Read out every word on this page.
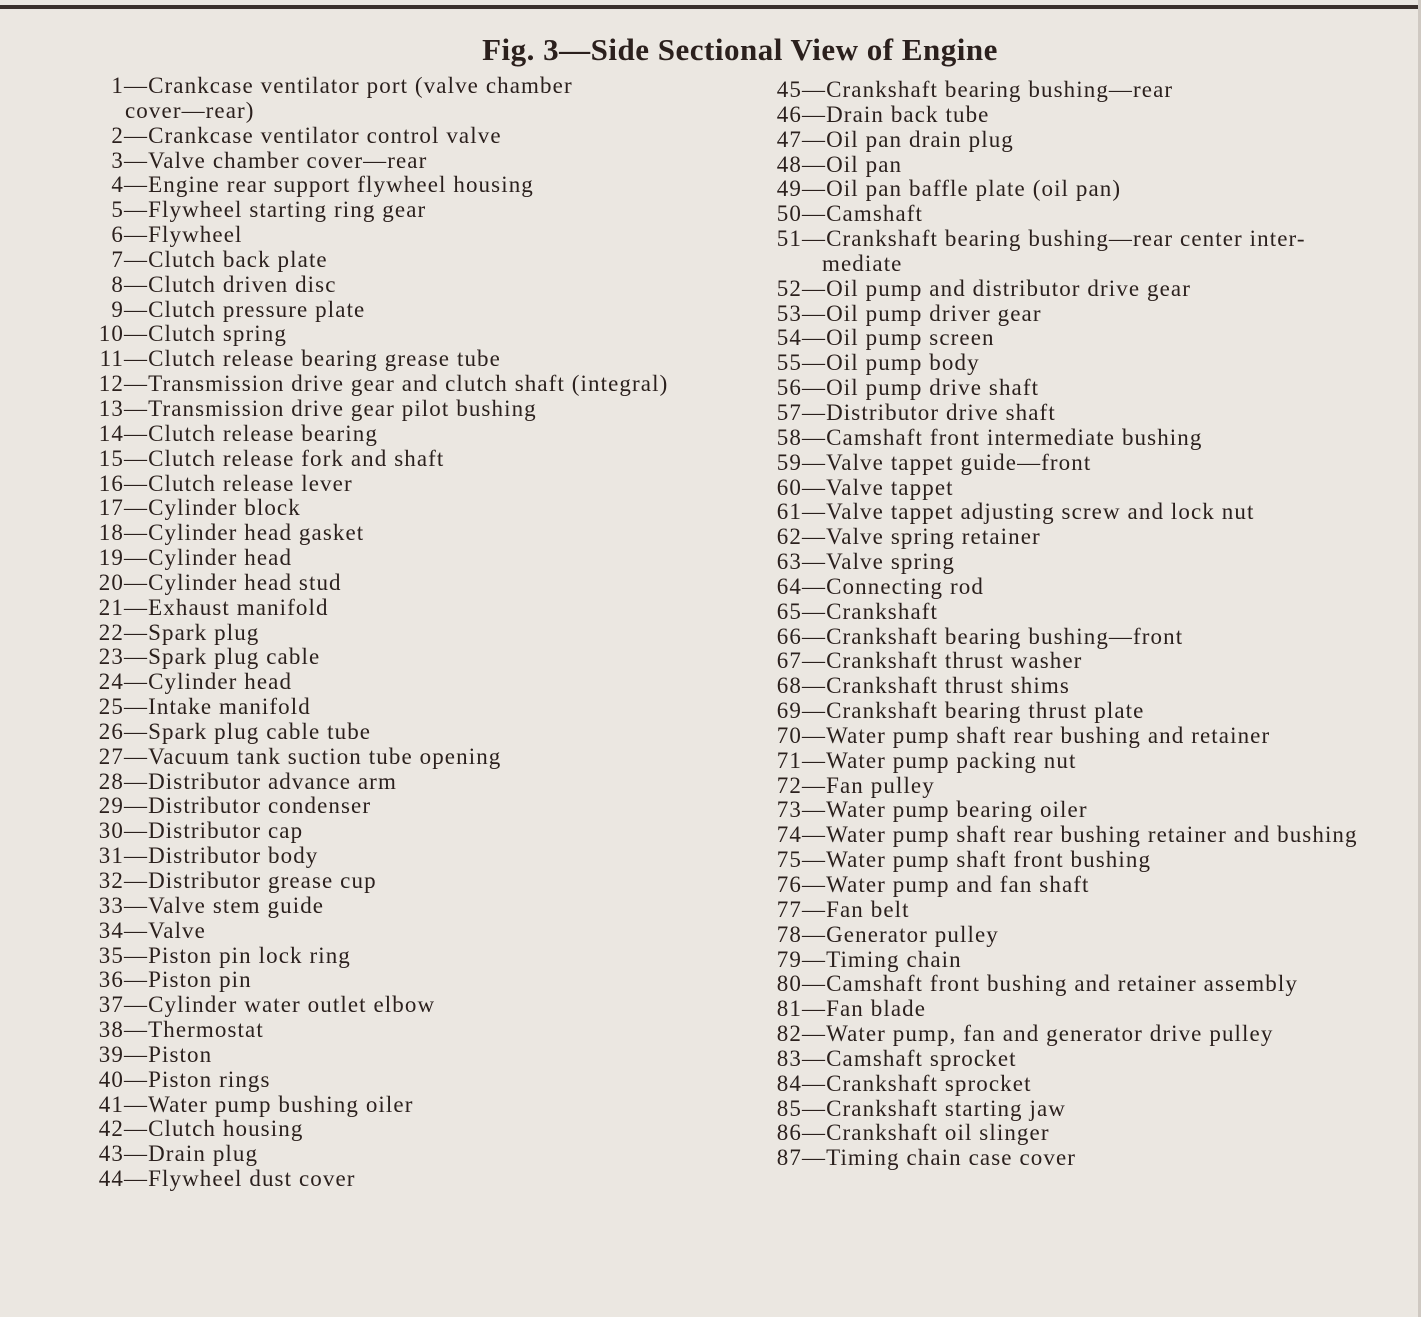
Fig. 3—Side Sectional View of Engine
1 —Crankcase ventilator port (valve chamber
cover—rear)
2 —Crankcase ventilator control valve
3 —Valve chamber cover—rear
4 —Engine rear support flywheel housing
5 —Flywheel starting ring gear
6 —Flywheel
7 —Clutch back plate
8 —Clutch driven disc
9 —Clutch pressure plate
10 —Clutch spring
11 —Clutch release bearing grease tube
12 —Transmission drive gear and clutch shaft (integral)
13 —Transmission drive gear pilot bushing
14 —Clutch release bearing
15 —Clutch release fork and shaft
16 —Clutch release lever
17 —Cylinder block
18 —Cylinder head gasket
19 —Cylinder head
20 —Cylinder head stud
21 —Exhaust manifold
22 —Spark plug
23 —Spark plug cable
24 —Cylinder head
25 —Intake manifold
26 —Spark plug cable tube
27 —Vacuum tank suction tube opening
28 —Distributor advance arm
29 —Distributor condenser
30 —Distributor cap
31 —Distributor body
32 —Distributor grease cup
33 —Valve stem guide
34 —Valve
35 —Piston pin lock ring
36 —Piston pin
37 —Cylinder water outlet elbow
38 —Thermostat
39 —Piston
40 —Piston rings
41 —Water pump bushing oiler
42 —Clutch housing
43 —Drain plug
44 —Flywheel dust cover
45 —Crankshaft bearing bushing—rear
46 —Drain back tube
47 —Oil pan drain plug
48 —Oil pan
49 —Oil pan baffle plate (oil pan)
50 —Camshaft
51 —Crankshaft bearing bushing—rear center inter-
mediate
52 —Oil pump and distributor drive gear
53 —Oil pump driver gear
54 —Oil pump screen
55 —Oil pump body
56 —Oil pump drive shaft
57 —Distributor drive shaft
58 —Camshaft front intermediate bushing
59 —Valve tappet guide—front
60 —Valve tappet
61 —Valve tappet adjusting screw and lock nut
62 —Valve spring retainer
63 —Valve spring
64 —Connecting rod
65 —Crankshaft
66 —Crankshaft bearing bushing—front
67 —Crankshaft thrust washer
68 —Crankshaft thrust shims
69 —Crankshaft bearing thrust plate
70 —Water pump shaft rear bushing and retainer
71 —Water pump packing nut
72 —Fan pulley
73 —Water pump bearing oiler
74 —Water pump shaft rear bushing retainer and bushing
75 —Water pump shaft front bushing
76 —Water pump and fan shaft
77 —Fan belt
78 —Generator pulley
79 —Timing chain
80 —Camshaft front bushing and retainer assembly
81 —Fan blade
82 —Water pump, fan and generator drive pulley
83 —Camshaft sprocket
84 —Crankshaft sprocket
85 —Crankshaft starting jaw
86 —Crankshaft oil slinger
87 —Timing chain case cover
